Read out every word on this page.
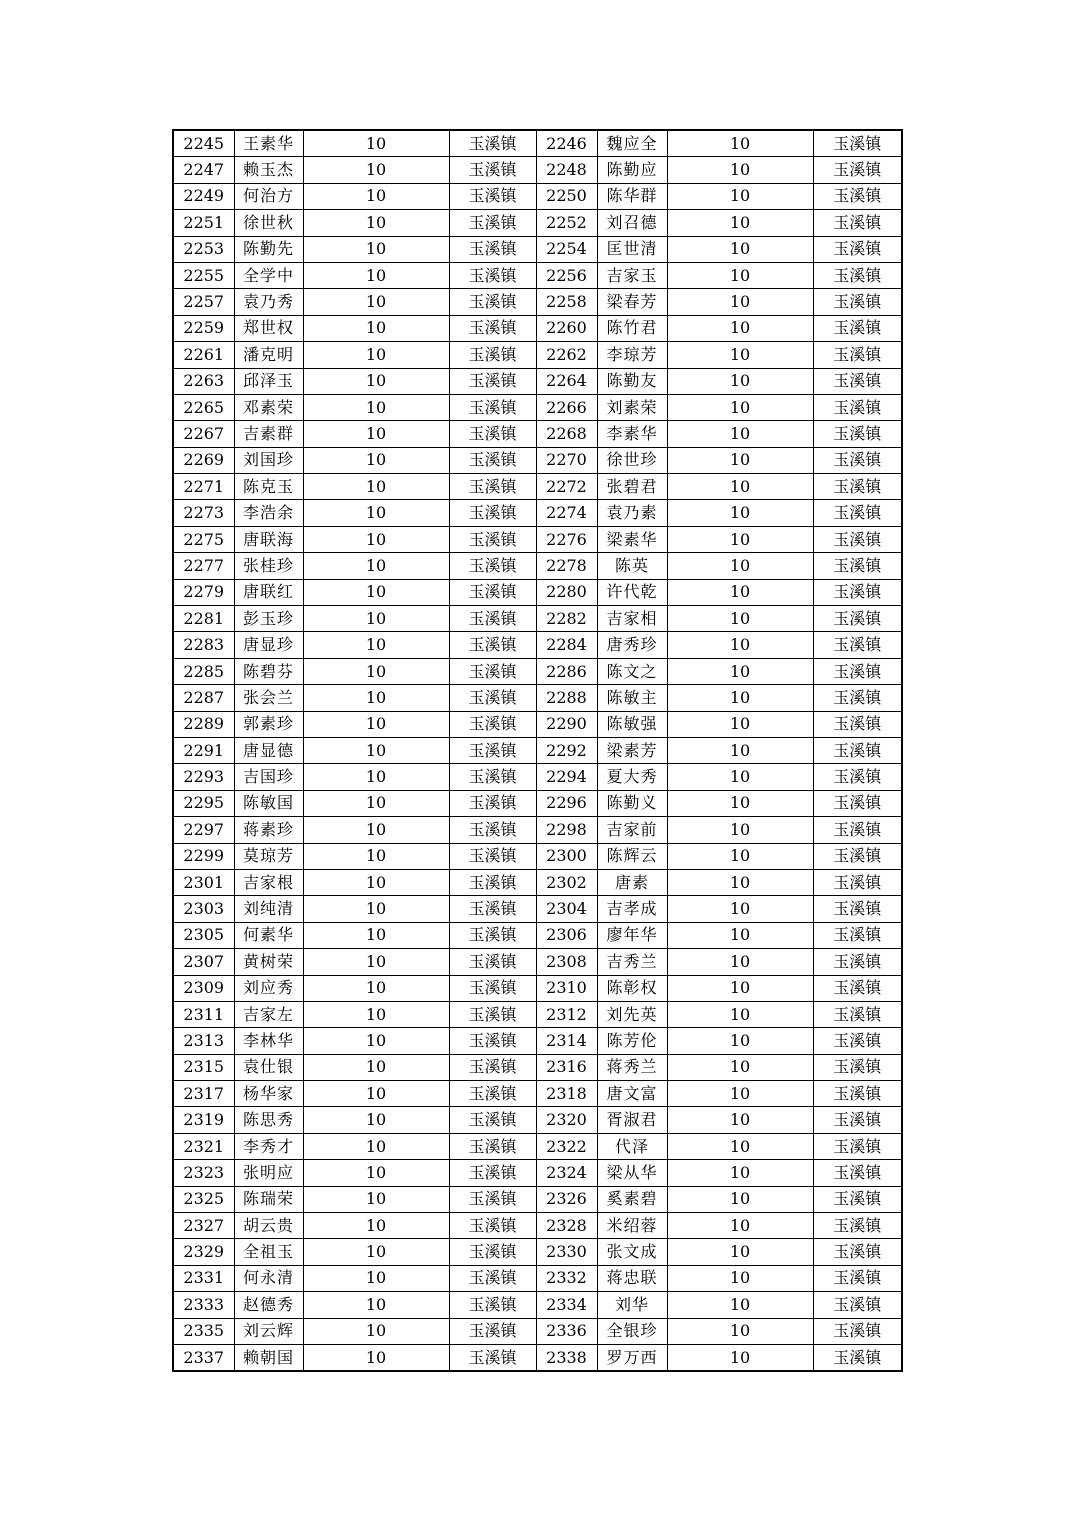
2245	王素华	10	玉溪镇	2246	魏应全	10	玉溪镇
2247	赖玉杰	10	玉溪镇	2248	陈勤应	10	玉溪镇
2249	何治方	10	玉溪镇	2250	陈华群	10	玉溪镇
2251	徐世秋	10	玉溪镇	2252	刘召德	10	玉溪镇
2253	陈勤先	10	玉溪镇	2254	匡世清	10	玉溪镇
2255	全学中	10	玉溪镇	2256	吉家玉	10	玉溪镇
2257	袁乃秀	10	玉溪镇	2258	梁春芳	10	玉溪镇
2259	郑世权	10	玉溪镇	2260	陈竹君	10	玉溪镇
2261	潘克明	10	玉溪镇	2262	李琼芳	10	玉溪镇
2263	邱泽玉	10	玉溪镇	2264	陈勤友	10	玉溪镇
2265	邓素荣	10	玉溪镇	2266	刘素荣	10	玉溪镇
2267	吉素群	10	玉溪镇	2268	李素华	10	玉溪镇
2269	刘国珍	10	玉溪镇	2270	徐世珍	10	玉溪镇
2271	陈克玉	10	玉溪镇	2272	张碧君	10	玉溪镇
2273	李浩余	10	玉溪镇	2274	袁乃素	10	玉溪镇
2275	唐联海	10	玉溪镇	2276	梁素华	10	玉溪镇
2277	张桂珍	10	玉溪镇	2278	陈英	10	玉溪镇
2279	唐联红	10	玉溪镇	2280	许代乾	10	玉溪镇
2281	彭玉珍	10	玉溪镇	2282	吉家相	10	玉溪镇
2283	唐显珍	10	玉溪镇	2284	唐秀珍	10	玉溪镇
2285	陈碧芬	10	玉溪镇	2286	陈文之	10	玉溪镇
2287	张会兰	10	玉溪镇	2288	陈敏主	10	玉溪镇
2289	郭素珍	10	玉溪镇	2290	陈敏强	10	玉溪镇
2291	唐显德	10	玉溪镇	2292	梁素芳	10	玉溪镇
2293	吉国珍	10	玉溪镇	2294	夏大秀	10	玉溪镇
2295	陈敏国	10	玉溪镇	2296	陈勤义	10	玉溪镇
2297	蒋素珍	10	玉溪镇	2298	吉家前	10	玉溪镇
2299	莫琼芳	10	玉溪镇	2300	陈辉云	10	玉溪镇
2301	吉家根	10	玉溪镇	2302	唐素	10	玉溪镇
2303	刘纯清	10	玉溪镇	2304	吉孝成	10	玉溪镇
2305	何素华	10	玉溪镇	2306	廖年华	10	玉溪镇
2307	黄树荣	10	玉溪镇	2308	吉秀兰	10	玉溪镇
2309	刘应秀	10	玉溪镇	2310	陈彰权	10	玉溪镇
2311	吉家左	10	玉溪镇	2312	刘先英	10	玉溪镇
2313	李林华	10	玉溪镇	2314	陈芳伦	10	玉溪镇
2315	袁仕银	10	玉溪镇	2316	蒋秀兰	10	玉溪镇
2317	杨华家	10	玉溪镇	2318	唐文富	10	玉溪镇
2319	陈思秀	10	玉溪镇	2320	胥淑君	10	玉溪镇
2321	李秀才	10	玉溪镇	2322	代泽	10	玉溪镇
2323	张明应	10	玉溪镇	2324	梁从华	10	玉溪镇
2325	陈瑞荣	10	玉溪镇	2326	奚素碧	10	玉溪镇
2327	胡云贵	10	玉溪镇	2328	米绍蓉	10	玉溪镇
2329	全祖玉	10	玉溪镇	2330	张文成	10	玉溪镇
2331	何永清	10	玉溪镇	2332	蒋忠联	10	玉溪镇
2333	赵德秀	10	玉溪镇	2334	刘华	10	玉溪镇
2335	刘云辉	10	玉溪镇	2336	全银珍	10	玉溪镇
2337	赖朝国	10	玉溪镇	2338	罗万西	10	玉溪镇
